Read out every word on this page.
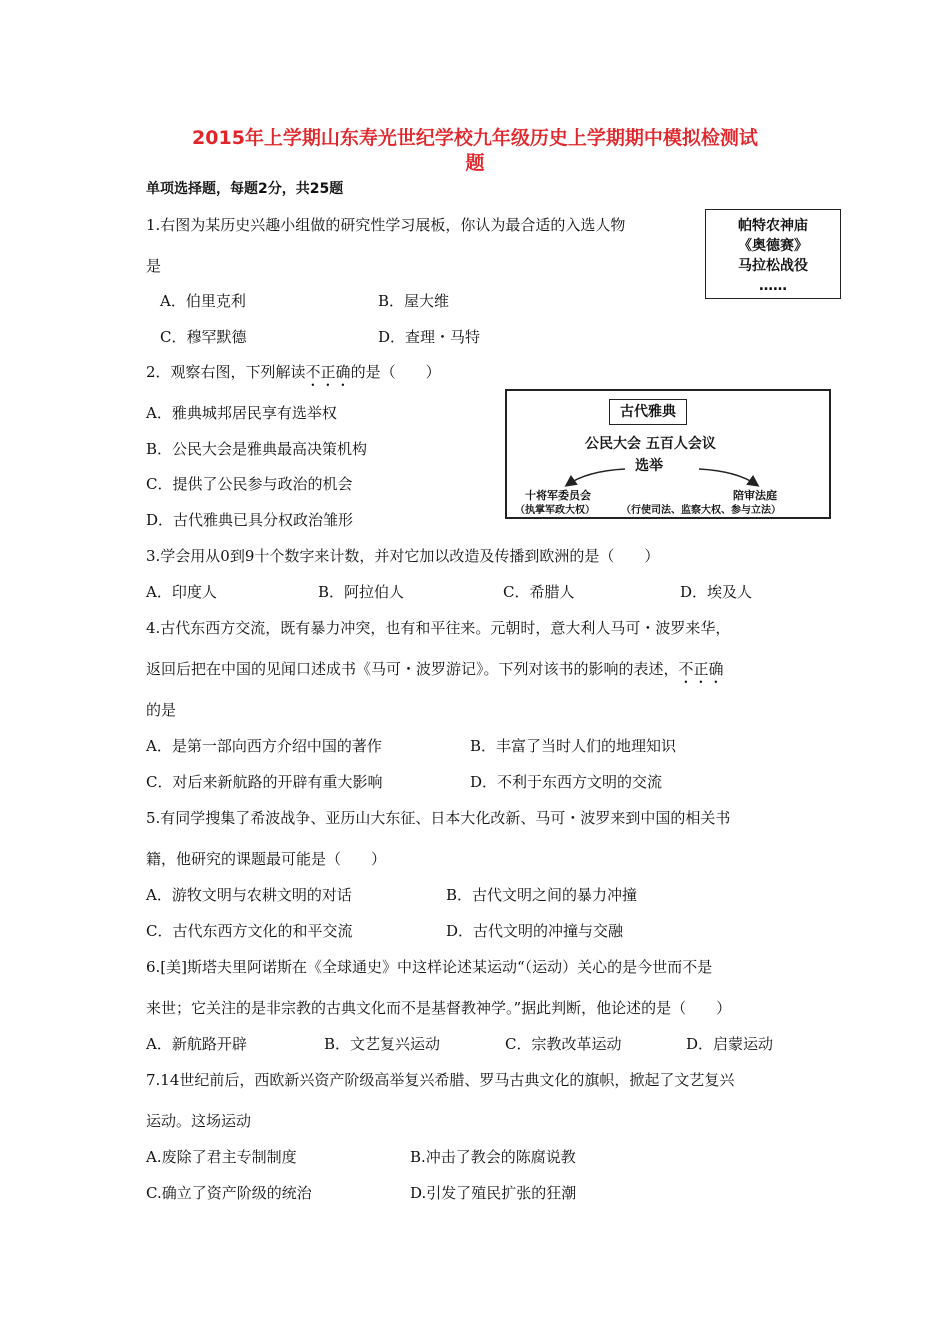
2015年上学期山东寿光世纪学校九年级历史上学期期中模拟检测试
题
单项选择题，每题2分，共25题
1.右图为某历史兴趣小组做的研究性学习展板，你认为最合适的入选人物
是
A．伯里克利	B．屋大维
C．穆罕默德	D．查理・马特
帕特农神庙
《奥德赛》
马拉松战役
……
2．观察右图，下列解读不正确的是（　　）
A．雅典城邦居民享有选举权
B．公民大会是雅典最高决策机构
C．提供了公民参与政治的机会
D．古代雅典已具分权政治雏形
古代雅典
公民大会 五百人会议
选举
十将军委员会
（执掌军政大权）
陪审法庭
（行使司法、监察大权、参与立法）
3.学会用从0到9十个数字来计数，并对它加以改造及传播到欧洲的是（　　）
A．印度人	B．阿拉伯人	C．希腊人	D．埃及人
4.古代东西方交流，既有暴力冲突，也有和平往来。元朝时，意大利人马可・波罗来华，
返回后把在中国的见闻口述成书《马可・波罗游记》。下列对该书的影响的表述，不正确
的是
A．是第一部向西方介绍中国的著作	B．丰富了当时人们的地理知识
C．对后来新航路的开辟有重大影响	D．不利于东西方文明的交流
5.有同学搜集了希波战争、亚历山大东征、日本大化改新、马可・波罗来到中国的相关书
籍，他研究的课题最可能是（　　）
A．游牧文明与农耕文明的对话	B．古代文明之间的暴力冲撞
C．古代东西方文化的和平交流	D．古代文明的冲撞与交融
6.[美]斯塔夫里阿诺斯在《全球通史》中这样论述某运动“（运动）关心的是今世而不是
来世；它关注的是非宗教的古典文化而不是基督教神学。”据此判断，他论述的是（　　）
A．新航路开辟	B．文艺复兴运动	C．宗教改革运动	D．启蒙运动
7.14世纪前后，西欧新兴资产阶级高举复兴希腊、罗马古典文化的旗帜，掀起了文艺复兴
运动。这场运动
A.废除了君主专制制度	B.冲击了教会的陈腐说教
C.确立了资产阶级的统治	D.引发了殖民扩张的狂潮
